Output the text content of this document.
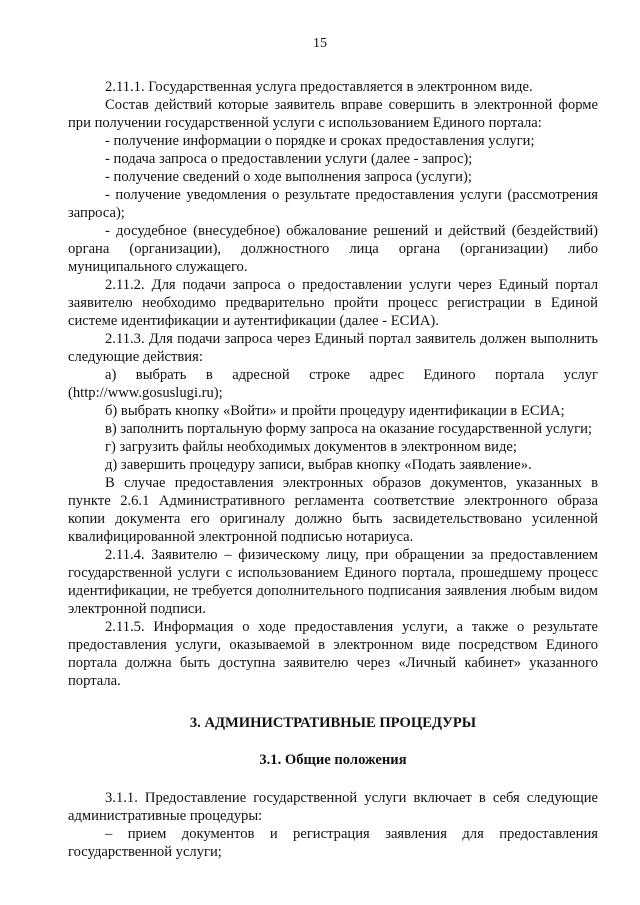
15

2.11.1. Государственная услуга предоставляется в электронном виде.

Состав действий которые заявитель вправе совершить в электронной форме при получении государственной услуги с использованием Единого портала:

- получение информации о порядке и сроках предоставления услуги;

- подача запроса о предоставлении услуги (далее - запрос);

- получение сведений о ходе выполнения запроса (услуги);

- получение уведомления о результате предоставления услуги (рассмотрения запроса);

- досудебное (внесудебное) обжалование решений и действий (бездействий) органа (организации), должностного лица органа (организации) либо муниципального служащего.

2.11.2. Для подачи запроса о предоставлении услуги через Единый портал заявителю необходимо предварительно пройти процесс регистрации в Единой системе идентификации и аутентификации (далее - ЕСИА).

2.11.3. Для подачи запроса через Единый портал заявитель должен выполнить следующие действия:

а) выбрать в адресной строке адрес Единого портала услуг (http://www.gosuslugi.ru);

б) выбрать кнопку «Войти» и пройти процедуру идентификации в ЕСИА;

в) заполнить портальную форму запроса на оказание государственной услуги;

г) загрузить файлы необходимых документов в электронном виде;

д) завершить процедуру записи, выбрав кнопку «Подать заявление».

В случае предоставления электронных образов документов, указанных в пункте 2.6.1 Административного регламента соответствие электронного образа копии документа его оригиналу должно быть засвидетельствовано усиленной квалифицированной электронной подписью нотариуса.

2.11.4. Заявителю – физическому лицу, при обращении за предоставлением государственной услуги с использованием Единого портала, прошедшему процесс идентификации, не требуется дополнительного подписания заявления любым видом электронной подписи.

2.11.5. Информация о ходе предоставления услуги, а также о результате предоставления услуги, оказываемой в электронном виде посредством Единого портала должна быть доступна заявителю через «Личный кабинет» указанного портала.

3. АДМИНИСТРАТИВНЫЕ ПРОЦЕДУРЫ

3.1. Общие положения

3.1.1. Предоставление государственной услуги включает в себя следующие административные процедуры:

– прием документов и регистрация заявления для предоставления государственной услуги;
